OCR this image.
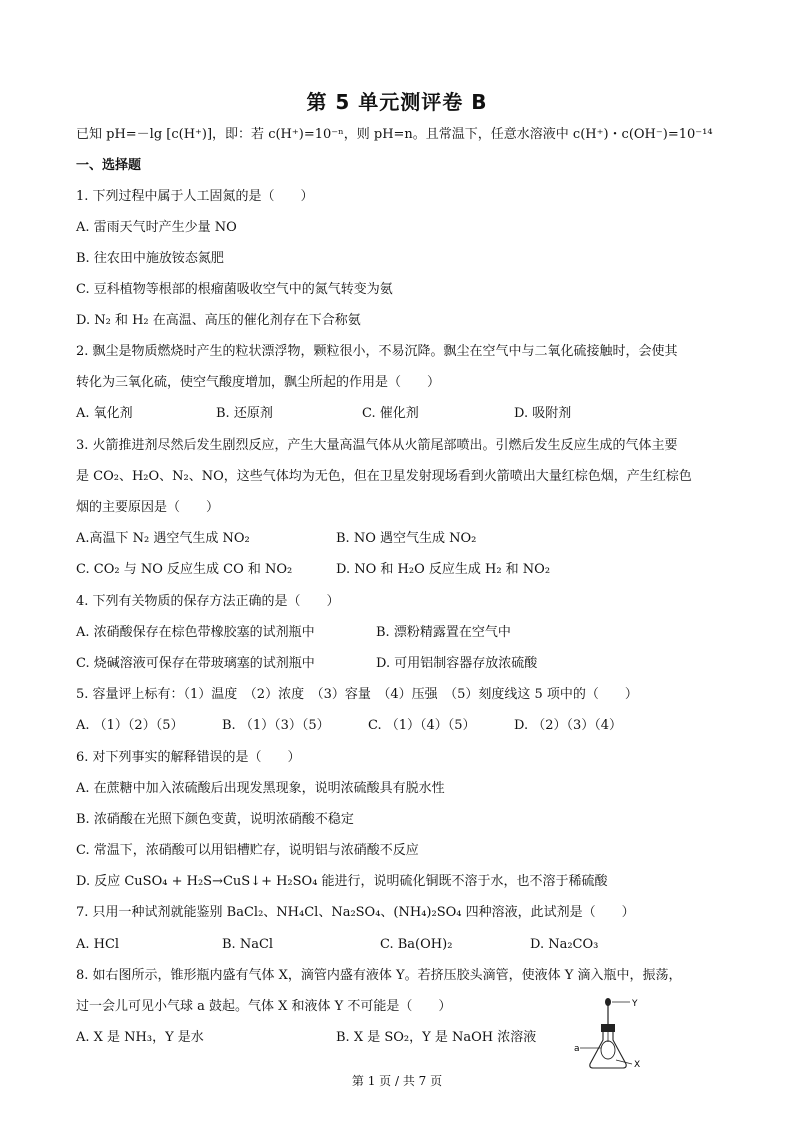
第 5 单元测评卷 B
已知 pH=－lg [c(H⁺)]，即：若 c(H⁺)=10⁻ⁿ，则 pH=n。且常温下，任意水溶液中 c(H⁺)・c(OH⁻)=10⁻¹⁴
一、选择题
1. 下列过程中属于人工固氮的是（　　）
A. 雷雨天气时产生少量 NO
B. 往农田中施放铵态氮肥
C. 豆科植物等根部的根瘤菌吸收空气中的氮气转变为氨
D. N₂ 和 H₂ 在高温、高压的催化剂存在下合称氨
2. 飘尘是物质燃烧时产生的粒状漂浮物，颗粒很小，不易沉降。飘尘在空气中与二氧化硫接触时，会使其
转化为三氧化硫，使空气酸度增加，飘尘所起的作用是（　　）
A. 氧化剂	B. 还原剂	C. 催化剂	D. 吸附剂
3. 火箭推进剂尽然后发生剧烈反应，产生大量高温气体从火箭尾部喷出。引燃后发生反应生成的气体主要
是 CO₂、H₂O、N₂、NO，这些气体均为无色，但在卫星发射现场看到火箭喷出大量红棕色烟，产生红棕色
烟的主要原因是（　　）
A.高温下 N₂ 遇空气生成 NO₂	B. NO 遇空气生成 NO₂
C. CO₂ 与 NO 反应生成 CO 和 NO₂	D. NO 和 H₂O 反应生成 H₂ 和 NO₂
4. 下列有关物质的保存方法正确的是（　　）
A. 浓硝酸保存在棕色带橡胶塞的试剂瓶中	B. 漂粉精露置在空气中
C. 烧碱溶液可保存在带玻璃塞的试剂瓶中	D. 可用铝制容器存放浓硫酸
5. 容量评上标有：（1）温度　（2）浓度　（3）容量　（4）压强　（5）刻度线这 5 项中的（　　）
A. （1）（2）（5）	B. （1）（3）（5）	C. （1）（4）（5）	D. （2）（3）（4）
6. 对下列事实的解释错误的是（　　）
A. 在蔗糖中加入浓硫酸后出现发黑现象，说明浓硫酸具有脱水性
B. 浓硝酸在光照下颜色变黄，说明浓硝酸不稳定
C. 常温下，浓硝酸可以用铝槽贮存，说明铝与浓硝酸不反应
D. 反应 CuSO₄ + H₂S→CuS↓+ H₂SO₄ 能进行，说明硫化铜既不溶于水，也不溶于稀硫酸
7. 只用一种试剂就能鉴别 BaCl₂、NH₄Cl、Na₂SO₄、(NH₄)₂SO₄ 四种溶液，此试剂是（　　）
A. HCl	B. NaCl	C. Ba(OH)₂	D. Na₂CO₃
8. 如右图所示，锥形瓶内盛有气体 X，滴管内盛有液体 Y。若挤压胶头滴管，使液体 Y 滴入瓶中，振荡，
过一会儿可见小气球 a 鼓起。气体 X 和液体 Y 不可能是（　　）
A. X 是 NH₃，Y 是水	B. X 是 SO₂，Y 是 NaOH 浓溶液
Y
a
X
第 1 页 / 共 7 页
